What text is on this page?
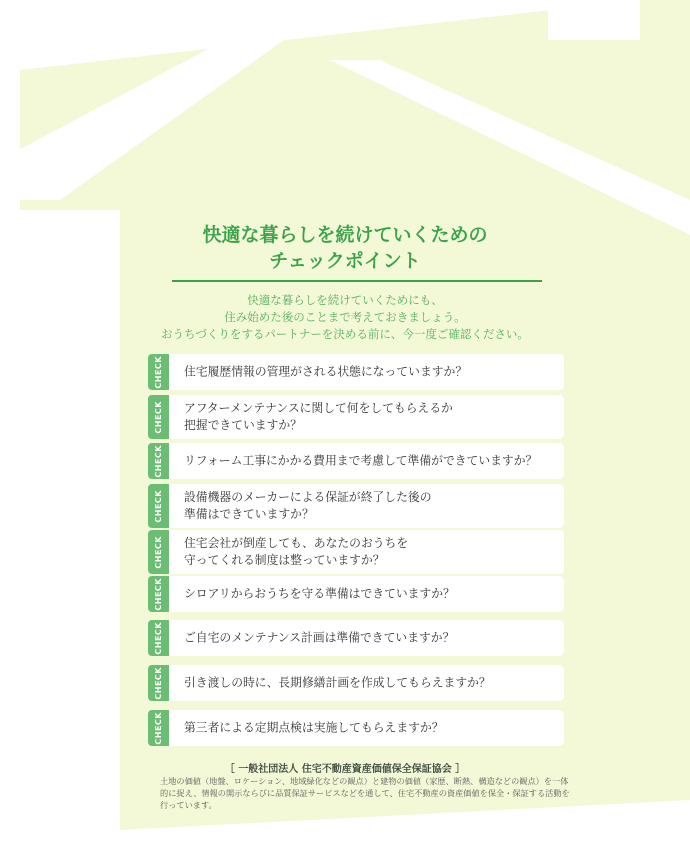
快適な暮らしを続けていくための
チェックポイント

快適な暮らしを続けていくためにも、

住み始めた後のことまで考えておきましょう。

おうちづくりをするパートナーを決める前に、今一度ご確認ください。

CHECK 住宅履歴情報の管理がされる状態になっていますか？
CHECK アフターメンテナンスに関して何をしてもらえるか
把握できていますか？
CHECK リフォーム工事にかかる費用まで考慮して準備ができていますか？
CHECK 設備機器のメーカーによる保証が終了した後の
準備はできていますか？
CHECK 住宅会社が倒産しても、あなたのおうちを
守ってくれる制度は整っていますか？
CHECK シロアリからおうちを守る準備はできていますか？
CHECK ご自宅のメンテナンス計画は準備できていますか？
CHECK 引き渡しの時に、長期修繕計画を作成してもらえますか？
CHECK 第三者による定期点検は実施してもらえますか？

［ 一般社団法人 住宅不動産資産価値保全保証協会 ］

土地の価値（地盤、ロケーション、地域緑化などの観点）と建物の価値（家歴、断熱、構造などの観点）を一体的に捉え、情報の開示ならびに品質保証サービスなどを通して、住宅不動産の資産価値を保全・保証する活動を行っています。
